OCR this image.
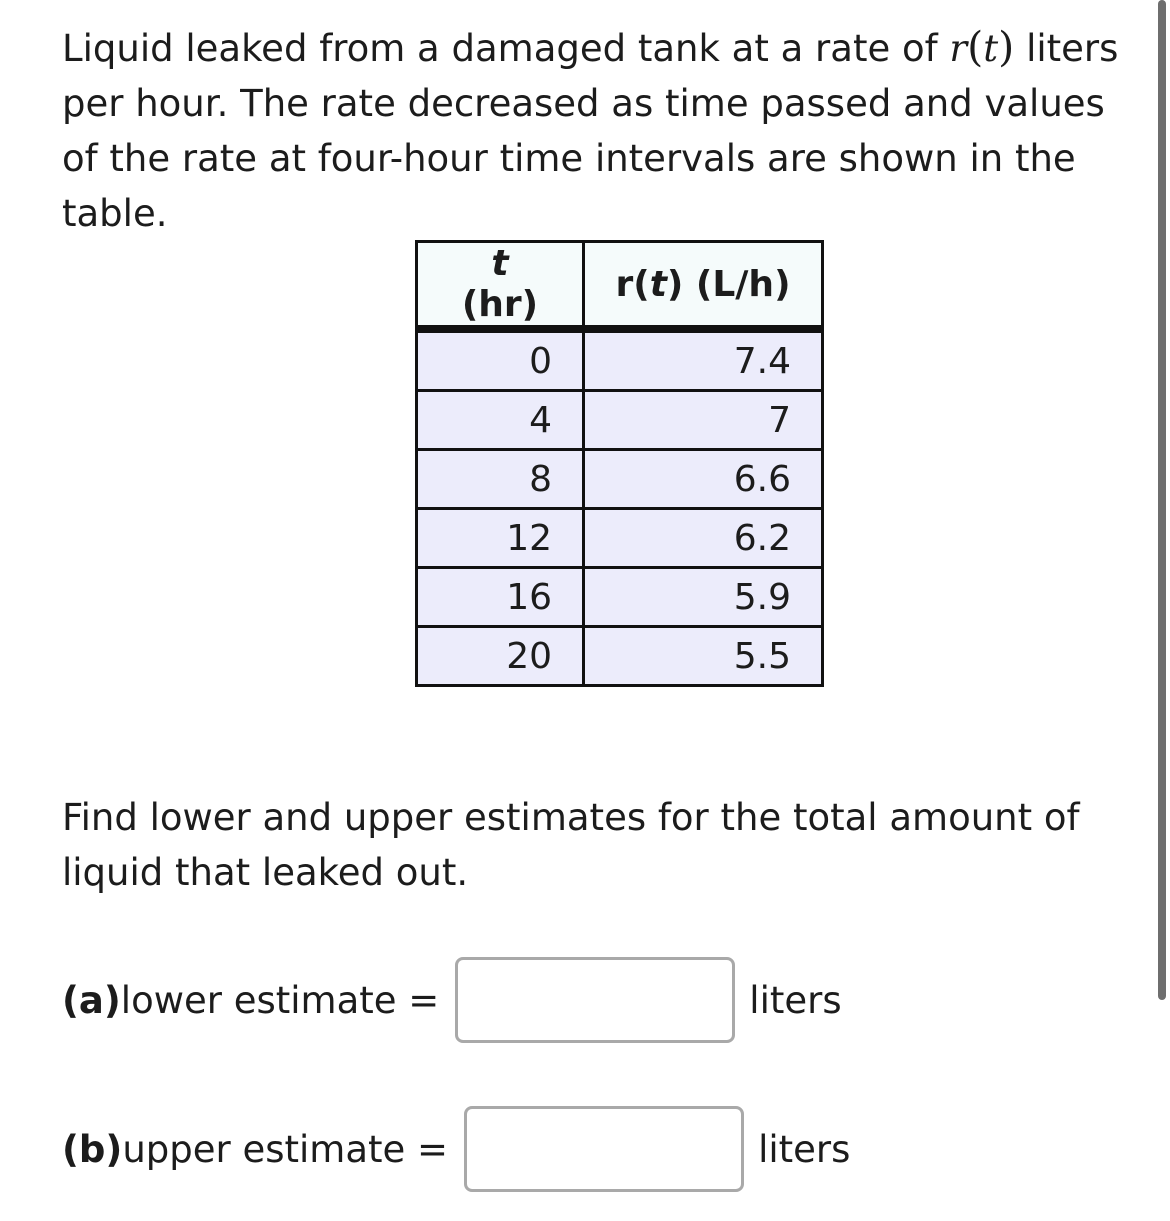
Liquid leaked from a damaged tank at a rate of r(t) liters per hour. The rate decreased as time passed and values of the rate at four-hour time intervals are shown in the table.

t (hr)	r(t) (L/h)
0	7.4
4	7
8	6.6
12	6.2
16	5.9
20	5.5

Find lower and upper estimates for the total amount of liquid that leaked out.

(a) lower estimate =	liters
(b) upper estimate =	liters
